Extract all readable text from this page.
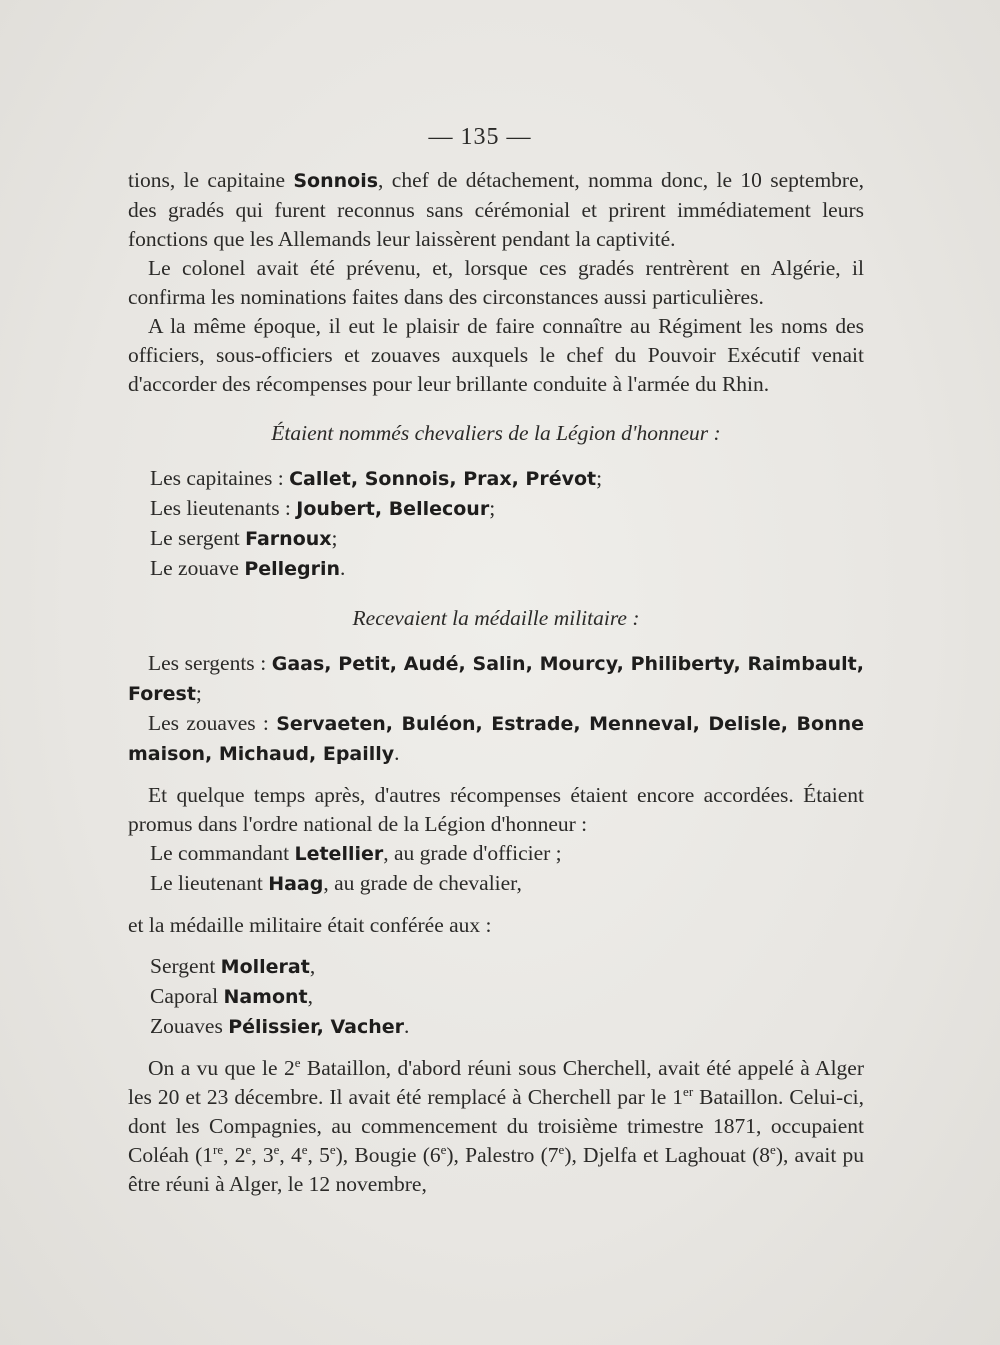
— 135 —

tions, le capitaine Sonnois, chef de détachement, nomma donc, le 10 septembre, des gradés qui furent reconnus sans cérémonial et prirent immédiatement leurs fonctions que les Allemands leur laissèrent pendant la captivité.

Le colonel avait été prévenu, et, lorsque ces gradés rentrèrent en Algérie, il confirma les nominations faites dans des circonstances aussi particulières.

A la même époque, il eut le plaisir de faire connaître au Régiment les noms des officiers, sous-officiers et zouaves auxquels le chef du Pouvoir Exécutif venait d'accorder des récompenses pour leur brillante conduite à l'armée du Rhin.

Étaient nommés chevaliers de la Légion d'honneur :

Les capitaines : Callet, Sonnois, Prax, Prévot;

Les lieutenants : Joubert, Bellecour;

Le sergent Farnoux;

Le zouave Pellegrin.

Recevaient la médaille militaire :

Les sergents : Gaas, Petit, Audé, Salin, Mourcy, Philiberty, Raimbault, Forest;

Les zouaves : Servaeten, Buléon, Estrade, Menneval, Delisle, Bonne maison, Michaud, Epailly.

Et quelque temps après, d'autres récompenses étaient encore accordées. Étaient promus dans l'ordre national de la Légion d'honneur :

Le commandant Letellier, au grade d'officier ;

Le lieutenant Haag, au grade de chevalier,

et la médaille militaire était conférée aux :

Sergent Mollerat,

Caporal Namont,

Zouaves Pélissier, Vacher.

On a vu que le 2e Bataillon, d'abord réuni sous Cherchell, avait été appelé à Alger les 20 et 23 décembre. Il avait été remplacé à Cherchell par le 1er Bataillon. Celui-ci, dont les Compagnies, au commencement du troisième trimestre 1871, occupaient Coléah (1re, 2e, 3e, 4e, 5e), Bougie (6e), Palestro (7e), Djelfa et Laghouat (8e), avait pu être réuni à Alger, le 12 novembre,
